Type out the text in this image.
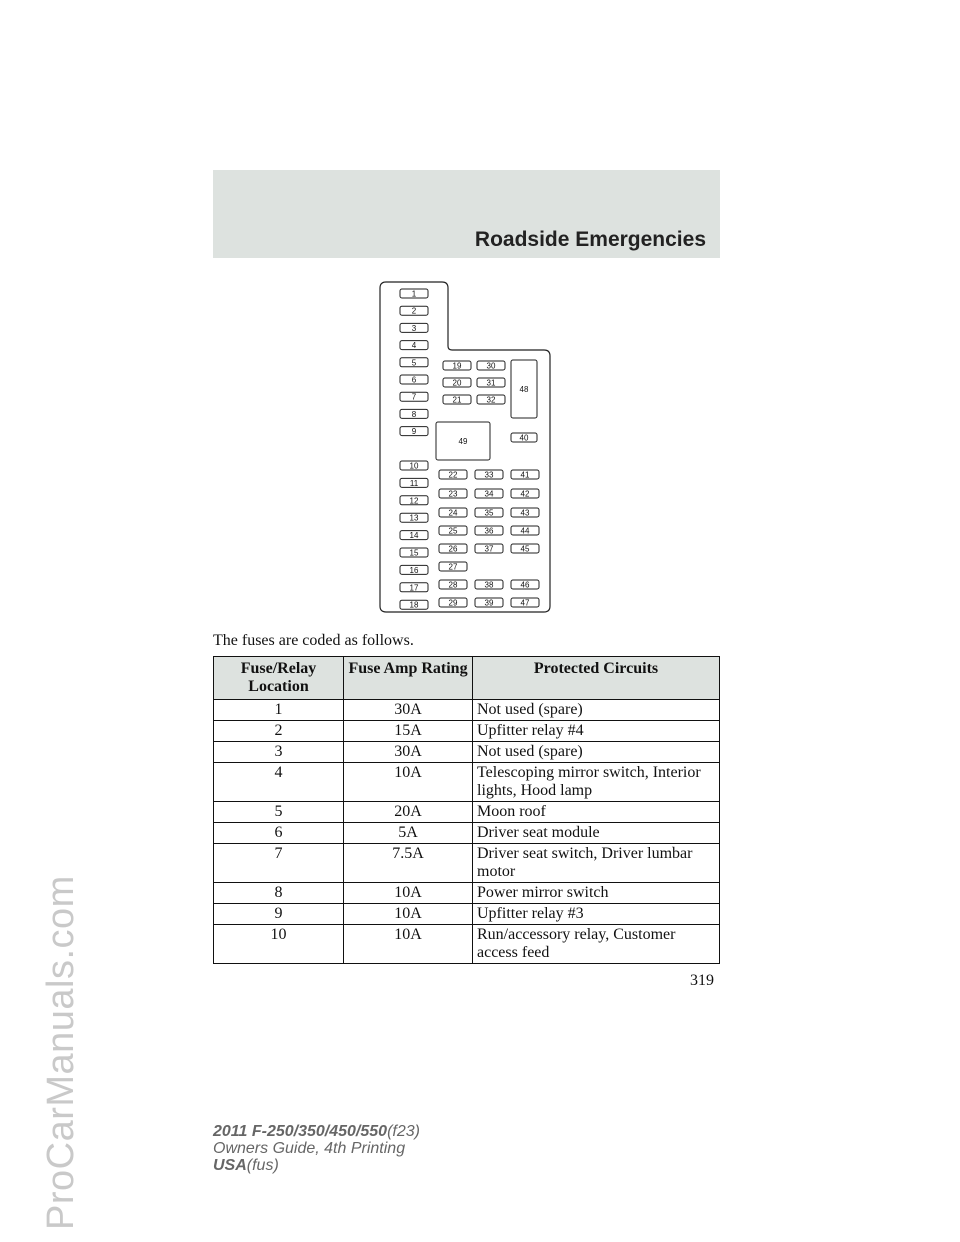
ProCarManuals.com
Roadside Emergencies
1
2
3
4
5
6
7
8
9
10
11
12
13
14
15
16
17
18
19	30
20	31
21	32
48
49	40
22	33	41
23	34	42
24	35	43
25	36	44
26	37	45
27
28	38	46
29	39	47
The fuses are coded as follows.
Fuse/Relay Location	Fuse Amp Rating	Protected Circuits
1	30A	Not used (spare)
2	15A	Upfitter relay #4
3	30A	Not used (spare)
4	10A	Telescoping mirror switch, Interior lights, Hood lamp
5	20A	Moon roof
6	5A	Driver seat module
7	7.5A	Driver seat switch, Driver lumbar motor
8	10A	Power mirror switch
9	10A	Upfitter relay #3
10	10A	Run/accessory relay, Customer access feed
319
2011 F-250/350/450/550(f23)
Owners Guide, 4th Printing
USA(fus)
